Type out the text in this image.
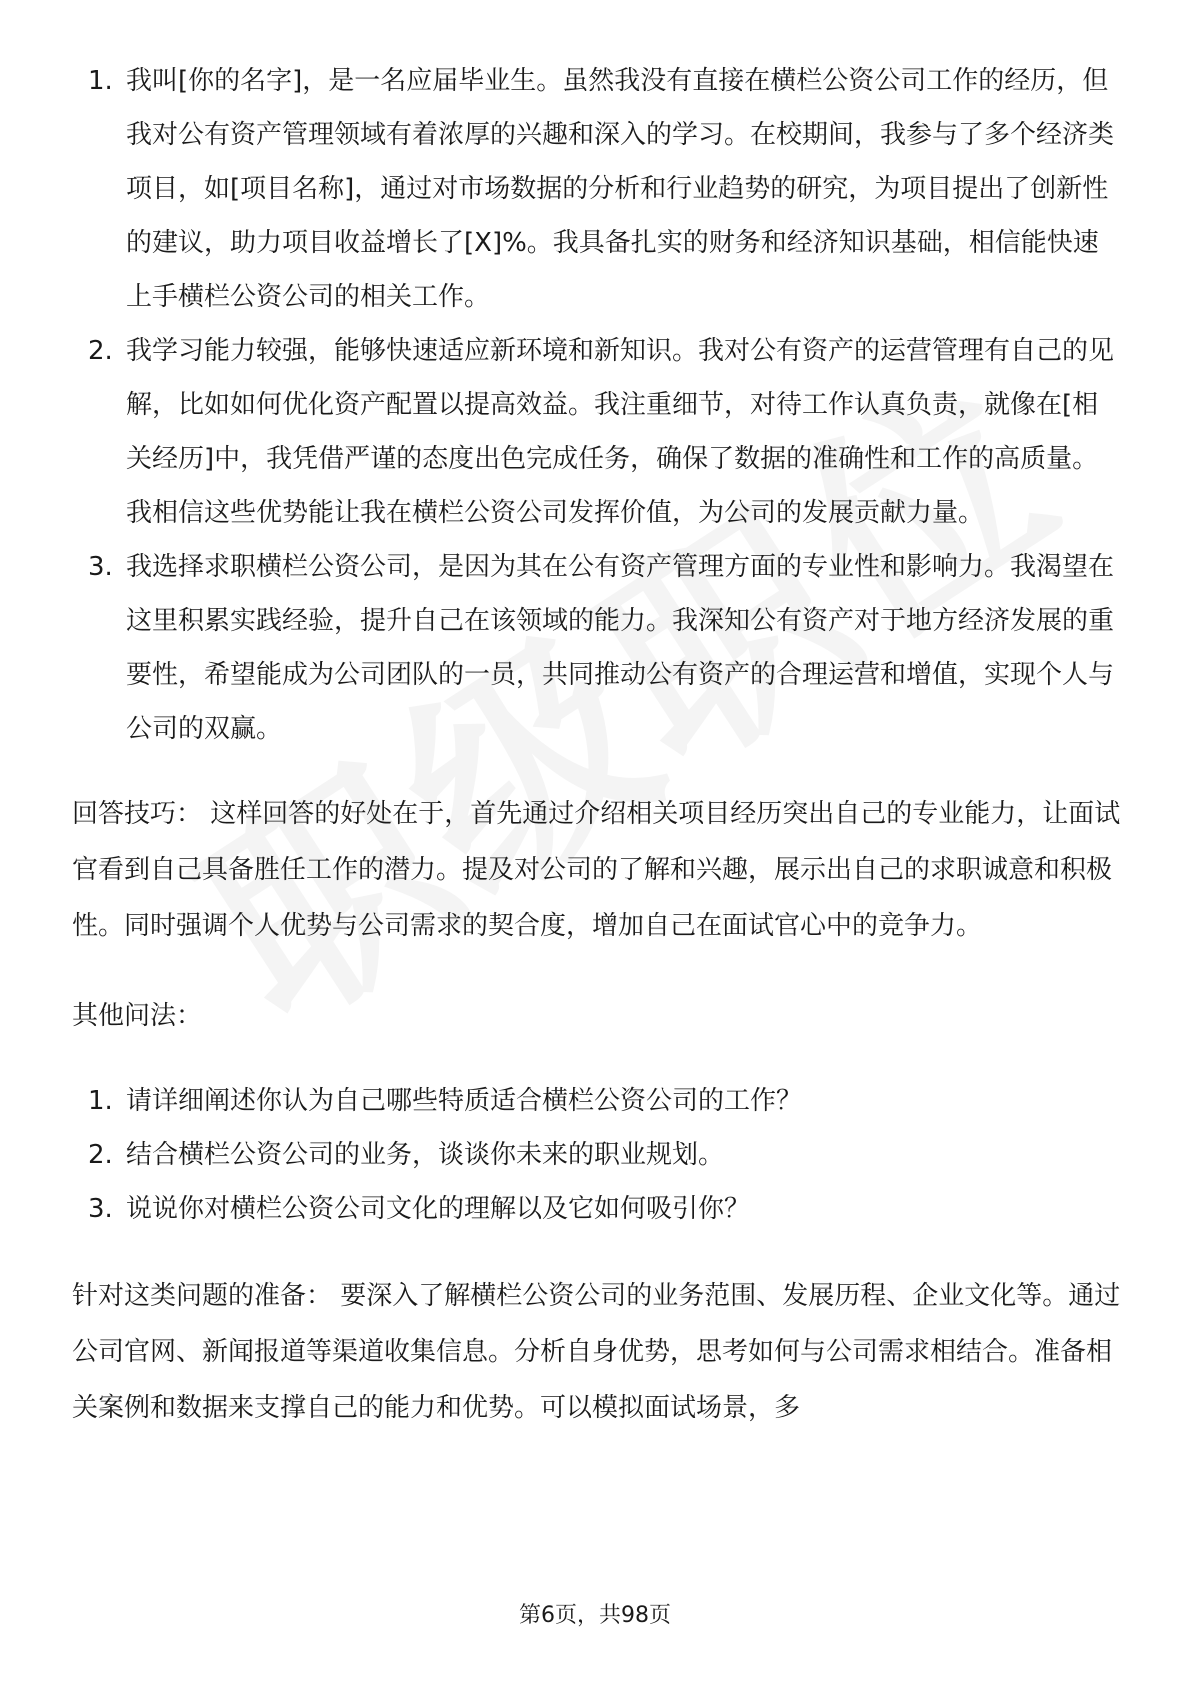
1. 我叫[你的名字]，是一名应届毕业生。虽然我没有直接在横栏公资公司工作的经历，但我对公有资产管理领域有着浓厚的兴趣和深入的学习。在校期间，我参与了多个经济类项目，如[项目名称]，通过对市场数据的分析和行业趋势的研究，为项目提出了创新性的建议，助力项目收益增长了[X]%。我具备扎实的财务和经济知识基础，相信能快速上手横栏公资公司的相关工作。
2. 我学习能力较强，能够快速适应新环境和新知识。我对公有资产的运营管理有自己的见解，比如如何优化资产配置以提高效益。我注重细节，对待工作认真负责，就像在[相关经历]中，我凭借严谨的态度出色完成任务，确保了数据的准确性和工作的高质量。我相信这些优势能让我在横栏公资公司发挥价值，为公司的发展贡献力量。
3. 我选择求职横栏公资公司，是因为其在公有资产管理方面的专业性和影响力。我渴望在这里积累实践经验，提升自己在该领域的能力。我深知公有资产对于地方经济发展的重要性，希望能成为公司团队的一员，共同推动公有资产的合理运营和增值，实现个人与公司的双赢。

回答技巧： 这样回答的好处在于，首先通过介绍相关项目经历突出自己的专业能力，让面试官看到自己具备胜任工作的潜力。提及对公司的了解和兴趣，展示出自己的求职诚意和积极性。同时强调个人优势与公司需求的契合度，增加自己在面试官心中的竞争力。

其他问法：

1. 请详细阐述你认为自己哪些特质适合横栏公资公司的工作？
2. 结合横栏公资公司的业务，谈谈你未来的职业规划。
3. 说说你对横栏公资公司文化的理解以及它如何吸引你？

针对这类问题的准备： 要深入了解横栏公资公司的业务范围、发展历程、企业文化等。通过公司官网、新闻报道等渠道收集信息。分析自身优势，思考如何与公司需求相结合。准备相关案例和数据来支撑自己的能力和优势。可以模拟面试场景，多

第6页，共98页
